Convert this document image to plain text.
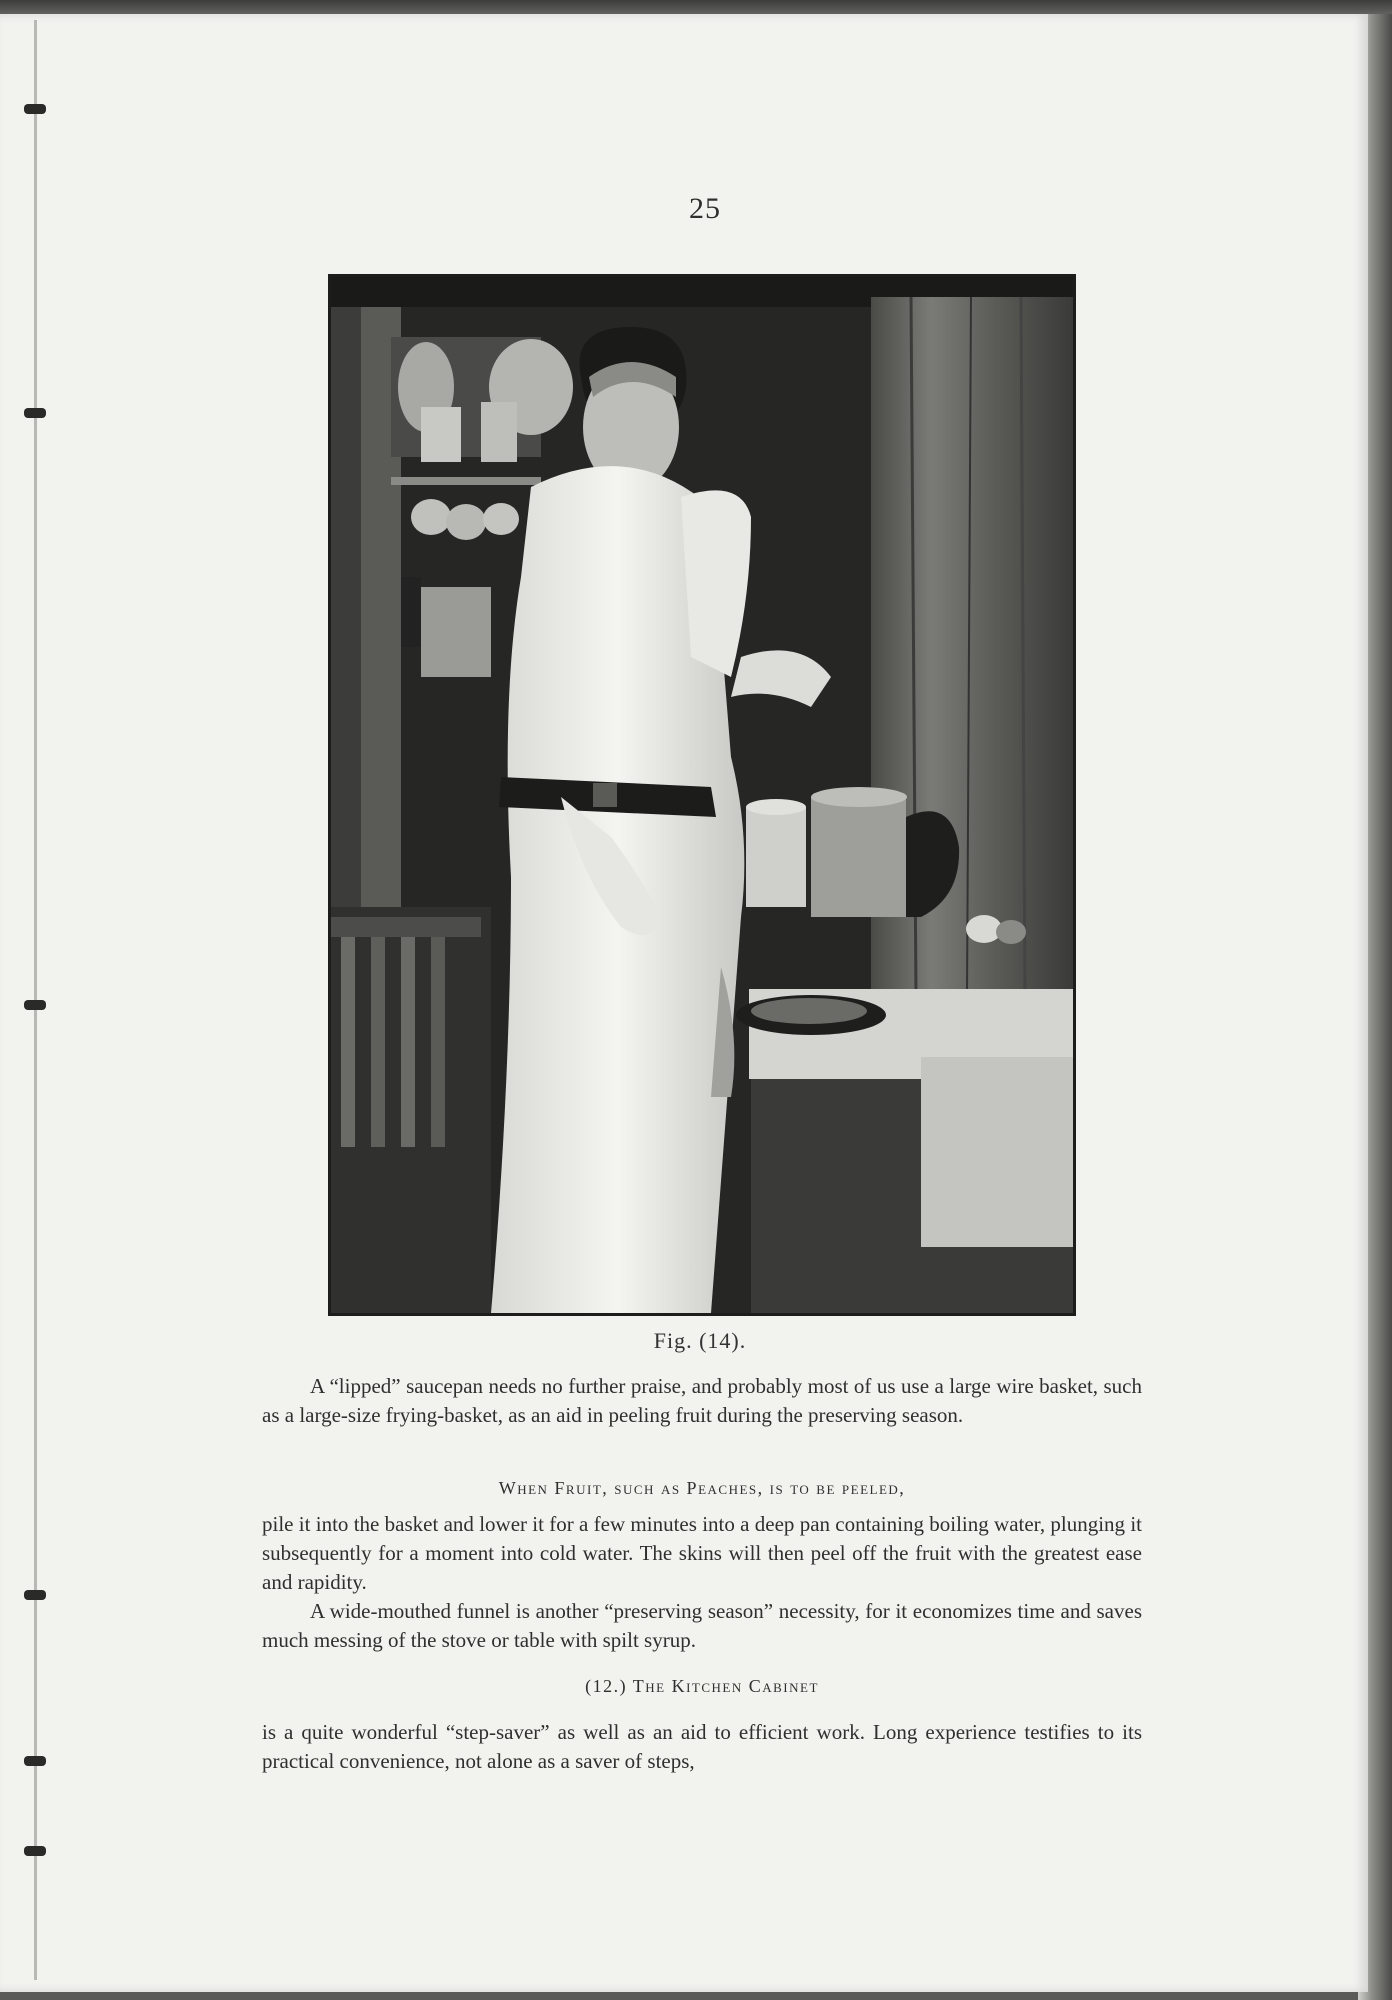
25
Fig. (14).

A “lipped” saucepan needs no further praise, and probably most of us use a large wire basket, such as a large-size frying-basket, as an aid in peeling fruit during the preserving season.

When Fruit, such as Peaches, is to be peeled,

pile it into the basket and lower it for a few minutes into a deep pan containing boiling water, plunging it subsequently for a moment into cold water. The skins will then peel off the fruit with the greatest ease and rapidity.

A wide-mouthed funnel is another “preserving season” necessity, for it economizes time and saves much messing of the stove or table with spilt syrup.

(12.) The Kitchen Cabinet

is a quite wonderful “step-saver” as well as an aid to efficient work. Long experience testifies to its practical convenience, not alone as a saver of steps,
